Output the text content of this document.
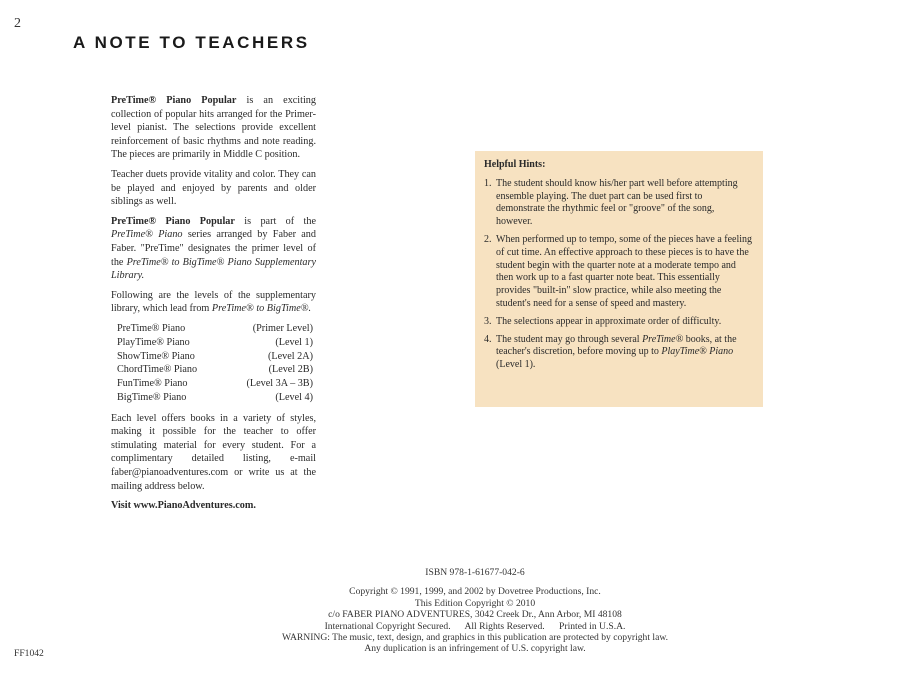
2
A NOTE TO TEACHERS

PreTime® Piano Popular is an exciting collection of popular hits arranged for the Primer-level pianist. The selections provide excellent reinforcement of basic rhythms and note reading. The pieces are primarily in Middle C position.

Teacher duets provide vitality and color. They can be played and enjoyed by parents and older siblings as well.

PreTime® Piano Popular is part of the PreTime® Piano series arranged by Faber and Faber. "PreTime" designates the primer level of the PreTime® to BigTime® Piano Supplementary Library.

Following are the levels of the supplementary library, which lead from PreTime® to BigTime®.

PreTime® Piano	(Primer Level)
PlayTime® Piano	(Level 1)
ShowTime® Piano	(Level 2A)
ChordTime® Piano	(Level 2B)
FunTime® Piano	(Level 3A – 3B)
BigTime® Piano	(Level 4)

Each level offers books in a variety of styles, making it possible for the teacher to offer stimulating material for every student. For a complimentary detailed listing, e-mail faber@pianoadventures.com or write us at the mailing address below.

Visit www.PianoAdventures.com.

Helpful Hints:
1. The student should know his/her part well before attempting ensemble playing. The duet part can be used first to demonstrate the rhythmic feel or "groove" of the song, however.
2. When performed up to tempo, some of the pieces have a feeling of cut time. An effective approach to these pieces is to have the student begin with the quarter note at a moderate tempo and then work up to a fast quarter note beat. This essentially provides "built-in" slow practice, while also meeting the student's need for a sense of speed and mastery.
3. The selections appear in approximate order of difficulty.
4. The student may go through several PreTime® books, at the teacher's discretion, before moving up to PlayTime® Piano (Level 1).
ISBN 978-1-61677-042-6
Copyright © 1991, 1999, and 2002 by Dovetree Productions, Inc.
This Edition Copyright © 2010
c/o FABER PIANO ADVENTURES, 3042 Creek Dr., Ann Arbor, MI 48108
International Copyright Secured.      All Rights Reserved.      Printed in U.S.A.
WARNING: The music, text, design, and graphics in this publication are protected by copyright law.
Any duplication is an infringement of U.S. copyright law.
FF1042
